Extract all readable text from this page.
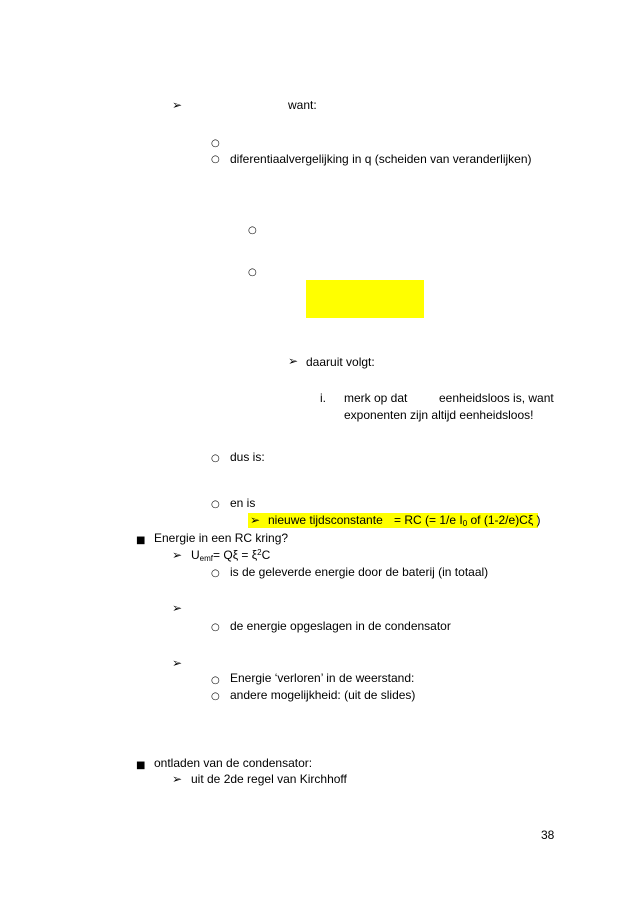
➢	want:
○
○ diferentiaalvergelijking in q (scheiden van veranderlijken)
○
○
➢ daaruit volgt:
i. merk op dat	eenheidsloos is, want
exponenten zijn altijd eenheidsloos!
○ dus is:
○ en is
➢ nieuwe tijdsconstante = RC (= 1/e $I_0$ of (1-2/e)Cξ )
■ Energie in een RC kring?
➢ $U_{emf}= Q\xi = \xi^2C$
○ is de geleverde energie door de baterij (in totaal)
➢
○ de energie opgeslagen in de condensator
➢
○ Energie ‘verloren’ in de weerstand:
○ andere mogelijkheid: (uit de slides)
■ ontladen van de condensator:
➢ uit de 2de regel van Kirchhoff
38
